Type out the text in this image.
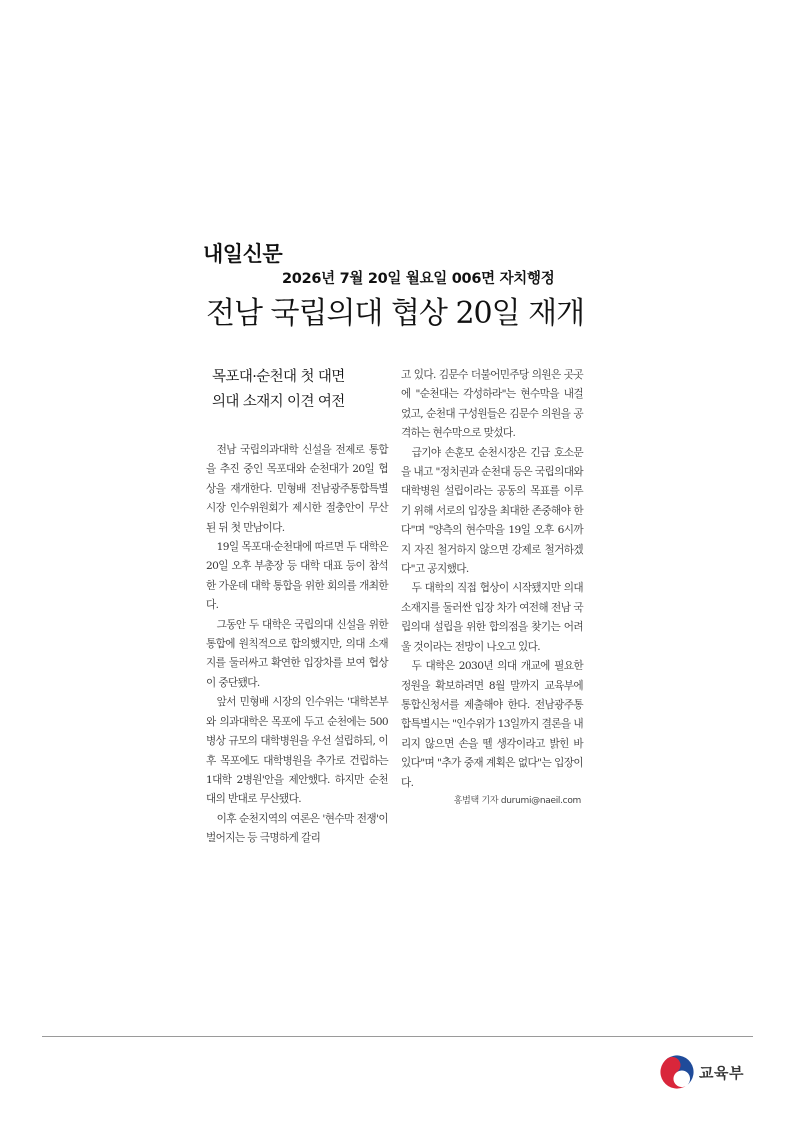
내일신문
2026년 7월 20일 월요일 006면 자치행정
전남 국립의대 협상 20일 재개
목포대·순천대 첫 대면
의대 소재지 이견 여전

전남 국립의과대학 신설을 전제로 통합을 추진 중인 목포대와 순천대가 20일 협상을 재개한다. 민형배 전남광주통합특별시장 인수위원회가 제시한 절충안이 무산된 뒤 첫 만남이다.

19일 목포대·순천대에 따르면 두 대학은 20일 오후 부총장 등 대학 대표 등이 참석한 가운데 대학 통합을 위한 회의를 개최한다.

그동안 두 대학은 국립의대 신설을 위한 통합에 원칙적으로 합의했지만, 의대 소재지를 둘러싸고 확연한 입장차를 보여 협상이 중단됐다.

앞서 민형배 시장의 인수위는 '대학본부와 의과대학은 목포에 두고 순천에는 500병상 규모의 대학병원을 우선 설립하되, 이후 목포에도 대학병원을 추가로 건립하는 1대학 2병원'안을 제안했다. 하지만 순천대의 반대로 무산됐다.

이후 순천지역의 여론은 '현수막 전쟁'이 벌어지는 등 극명하게 갈리

고 있다. 김문수 더불어민주당 의원은 곳곳에 "순천대는 각성하라"는 현수막을 내걸었고, 순천대 구성원들은 김문수 의원을 공격하는 현수막으로 맞섰다.

급기야 손훈모 순천시장은 긴급 호소문을 내고 "정치권과 순천대 등은 국립의대와 대학병원 설립이라는 공동의 목표를 이루기 위해 서로의 입장을 최대한 존중해야 한다"며 "양측의 현수막을 19일 오후 6시까지 자진 철거하지 않으면 강제로 철거하겠다"고 공지했다.

두 대학의 직접 협상이 시작됐지만 의대 소재지를 둘러싼 입장 차가 여전해 전남 국립의대 설립을 위한 합의점을 찾기는 어려울 것이라는 전망이 나오고 있다.

두 대학은 2030년 의대 개교에 필요한 정원을 확보하려면 8월 말까지 교육부에 통합신청서를 제출해야 한다. 전남광주통합특별시는 "인수위가 13일까지 결론을 내리지 않으면 손을 뗄 생각이라고 밝힌 바 있다"며 "추가 중재 계획은 없다"는 입장이다.

홍범택 기자 durumi@naeil.com
교육부
